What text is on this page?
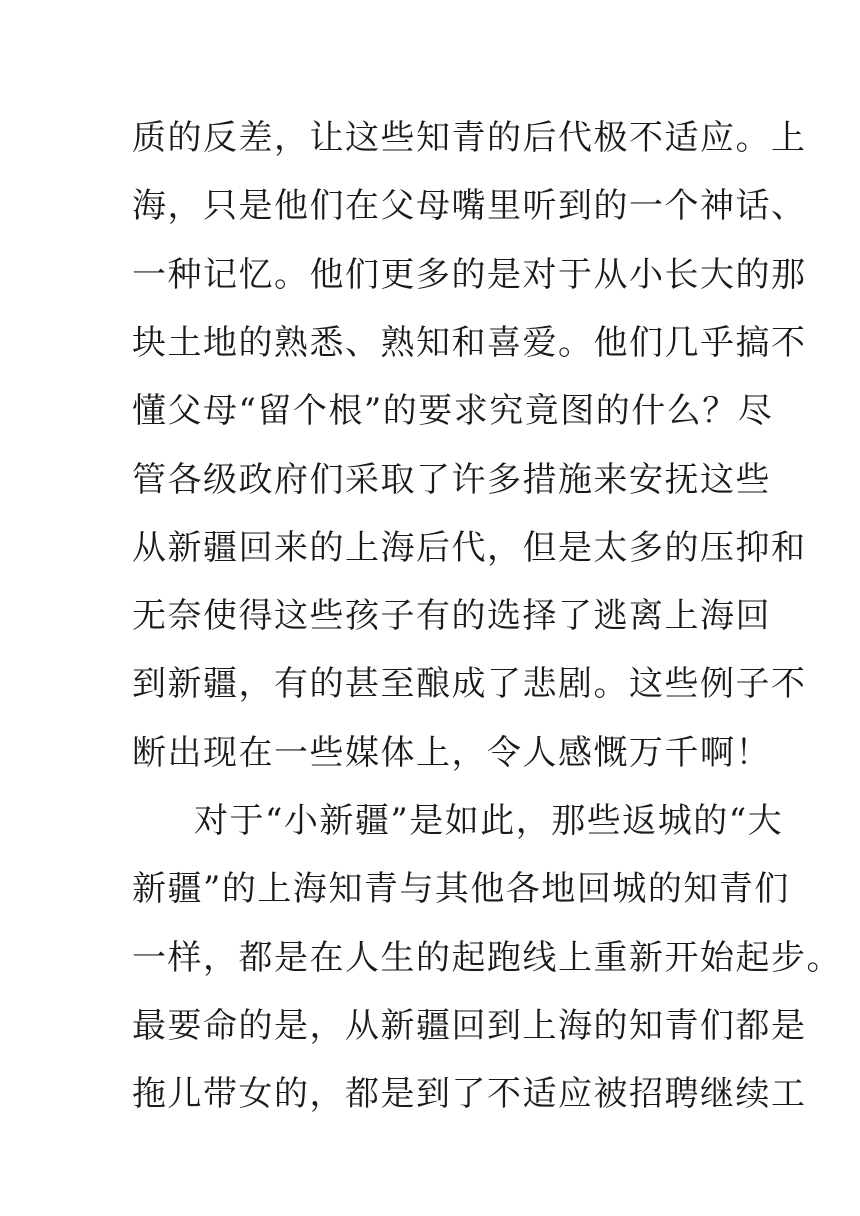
质的反差，让这些知青的后代极不适应。上
海，只是他们在父母嘴里听到的一个神话、
一种记忆。他们更多的是对于从小长大的那
块土地的熟悉、熟知和喜爱。他们几乎搞不
懂父母“留个根”的要求究竟图的什么？尽
管各级政府们采取了许多措施来安抚这些
从新疆回来的上海后代，但是太多的压抑和
无奈使得这些孩子有的选择了逃离上海回
到新疆，有的甚至酿成了悲剧。这些例子不
断出现在一些媒体上，令人感慨万千啊！
对于“小新疆”是如此，那些返城的“大
新疆”的上海知青与其他各地回城的知青们
一样，都是在人生的起跑线上重新开始起步。
最要命的是，从新疆回到上海的知青们都是
拖儿带女的，都是到了不适应被招聘继续工
